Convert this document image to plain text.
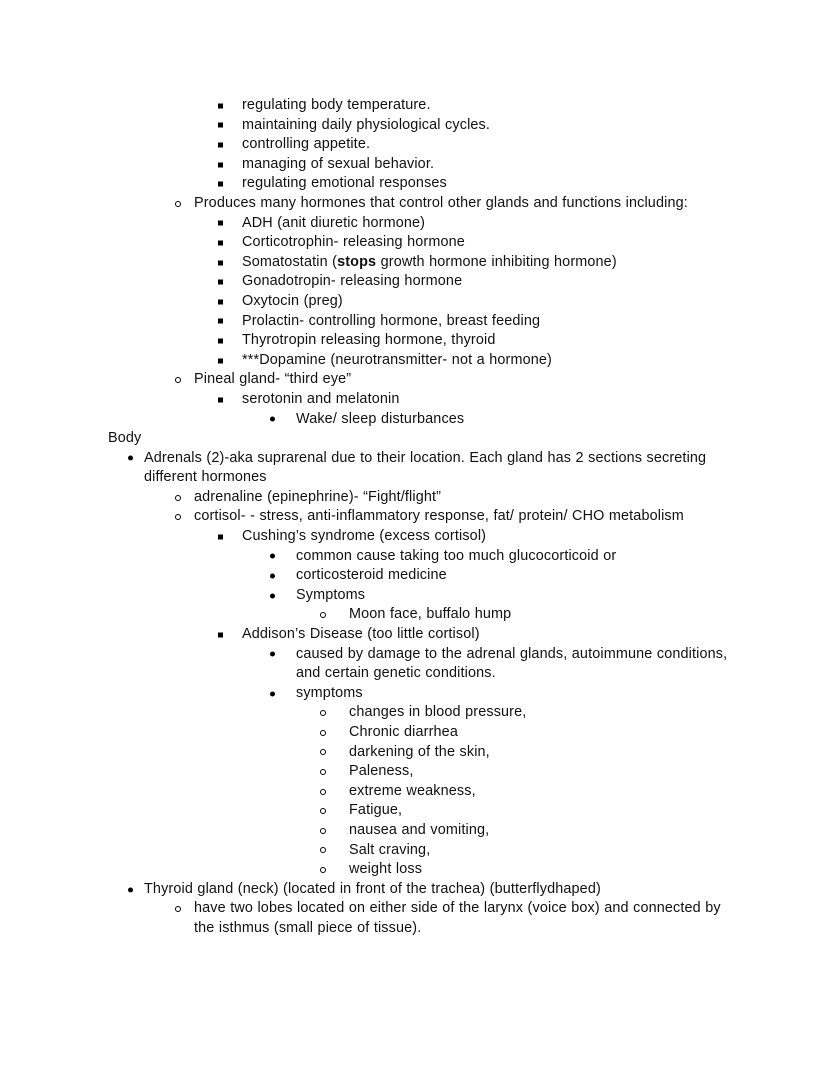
regulating body temperature.
maintaining daily physiological cycles.
controlling appetite.
managing of sexual behavior.
regulating emotional responses
Produces many hormones that control other glands and functions including:
ADH (anit diuretic hormone)
Corticotrophin- releasing hormone
Somatostatin (stops growth hormone inhibiting hormone)
Gonadotropin- releasing hormone
Oxytocin (preg)
Prolactin- controlling hormone, breast feeding
Thyrotropin releasing hormone, thyroid
***Dopamine (neurotransmitter- not a hormone)
Pineal gland- “third eye”
serotonin and melatonin
Wake/ sleep disturbances
Body
Adrenals (2)-aka suprarenal due to their location. Each gland has 2 sections secreting different hormones
adrenaline (epinephrine)- “Fight/flight”
cortisol- - stress, anti-inflammatory response, fat/ protein/ CHO metabolism
Cushing’s syndrome (excess cortisol)
common cause taking too much glucocorticoid or
corticosteroid medicine
Symptoms
Moon face, buffalo hump
Addison’s Disease (too little cortisol)
caused by damage to the adrenal glands, autoimmune conditions, and certain genetic conditions.
symptoms
changes in blood pressure,
Chronic diarrhea
darkening of the skin,
Paleness,
extreme weakness,
Fatigue,
nausea and vomiting,
Salt craving,
weight loss
Thyroid gland (neck) (located in front of the trachea) (butterflydhaped)
have two lobes located on either side of the larynx (voice box) and connected by the isthmus (small piece of tissue).
